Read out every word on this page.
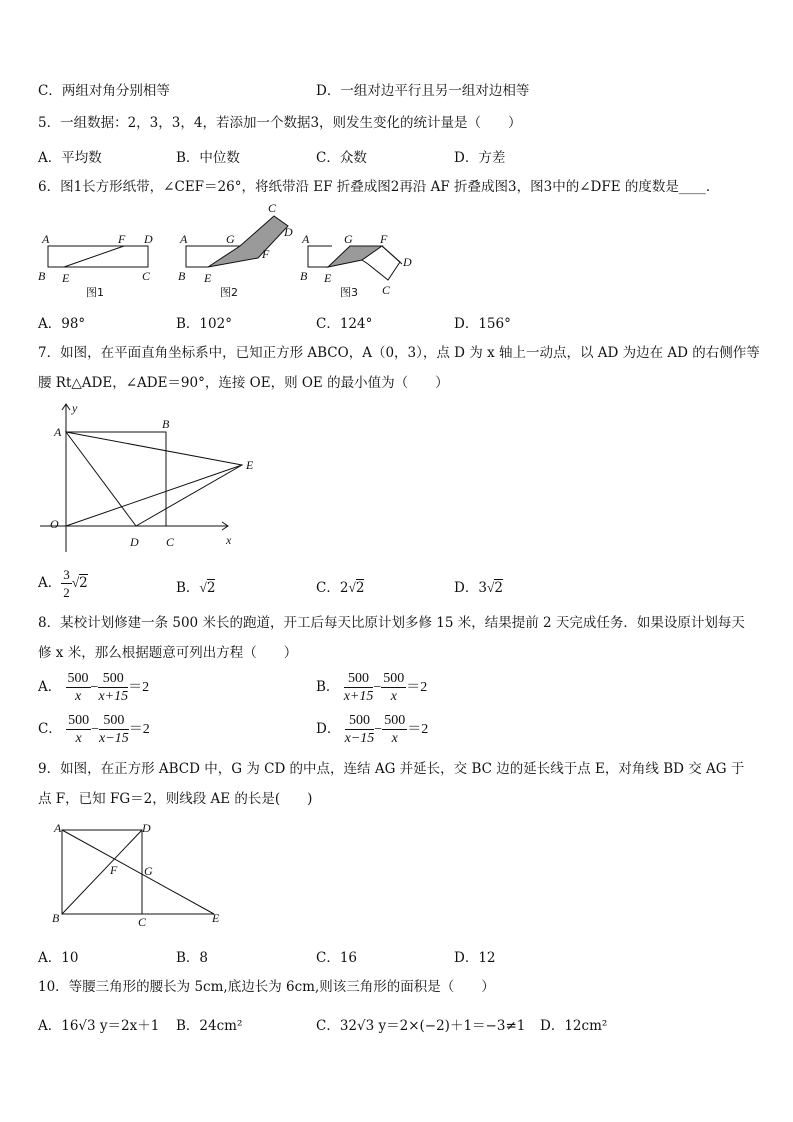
C．两组对角分别相等	D．一组对边平行且另一组对边相等
5．一组数据：2，3，3，4，若添加一个数据3，则发生变化的统计量是（　　）
A．平均数	B．中位数	C．众数	D．方差
6．图1长方形纸带，∠CEF＝26°，将纸带沿 EF 折叠成图2再沿 AF 折叠成图3，图3中的∠DFE 的度数是____．
A	F D
B E	C
图1
A	G
C
D
F
B E
图2
A	G F
D
B E
C
图3
A．98°	B．102°	C．124°	D．156°
7．如图，在平面直角坐标系中，已知正方形 ABCO，A（0，3），点 D 为 x 轴上一动点，以 AD 为边在 AD 的右侧作等
腰 Rt△ADE，∠ADE＝90°，连接 OE，则 OE 的最小值为（　　）
y
A
B
E
O
D C	x
A． $\frac{3}{2} √2$	B．√2	C．2√2	D．3√2
8．某校计划修建一条 500 米长的跑道，开工后每天比原计划多修 15 米，结果提前 2 天完成任务．如果设原计划每天
修 x 米，那么根据题意可列出方程（　　）
A． $\frac{500}{x} - \frac{500}{x+15} =2$	B． $\frac{500}{x+15} - \frac{500}{x} =2$
C． $\frac{500}{x} - \frac{500}{x-15} =2$	D． $\frac{500}{x-15} - \frac{500}{x} =2$
9．如图，在正方形 ABCD 中，G 为 CD 的中点，连结 AG 并延长，交 BC 边的延长线于点 E，对角线 BD 交 AG 于
点 F，已知 FG＝2，则线段 AE 的长是(　　)
A	D
F G
B	C	E
A．10	B．8	C．16	D．12
10．等腰三角形的腰长为 5cm,底边长为 6cm,则该三角形的面积是（　　）
A．16√3 y＝2x＋1 B．24cm²	C．32√3 y＝2×(−2)＋1＝−3≠1 D．12cm²
